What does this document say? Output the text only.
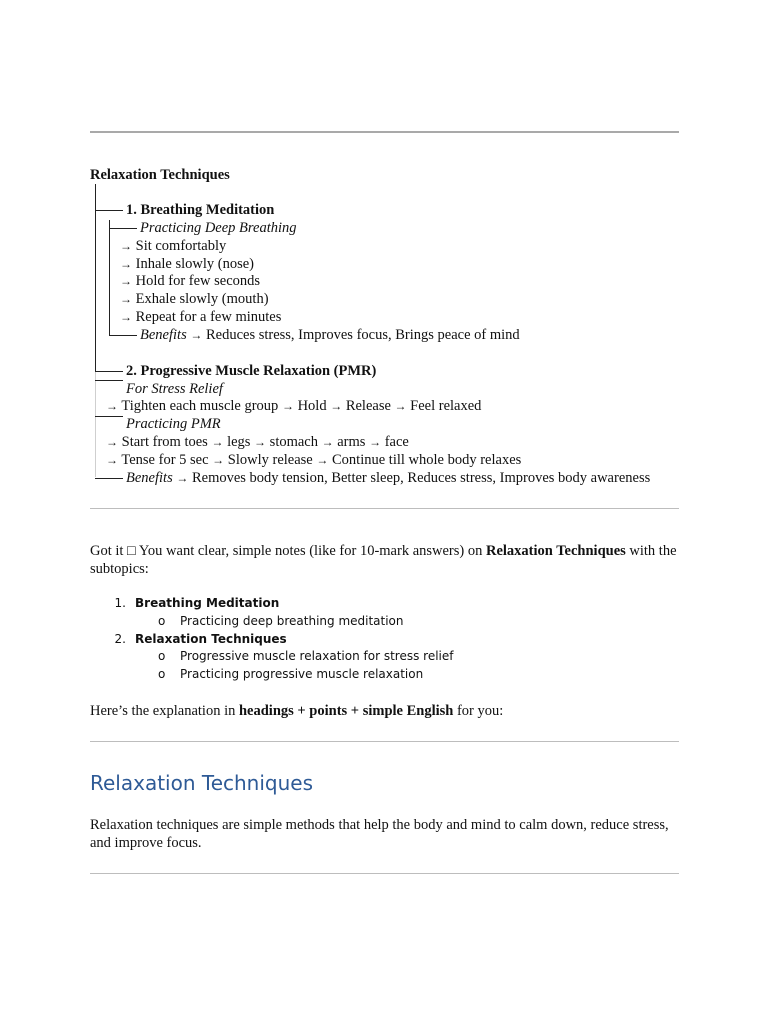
Relaxation Techniques
1. Breathing Meditation
Practicing Deep Breathing
→ Sit comfortably
→ Inhale slowly (nose)
→ Hold for few seconds
→ Exhale slowly (mouth)
→ Repeat for a few minutes
Benefits → Reduces stress, Improves focus, Brings peace of mind
2. Progressive Muscle Relaxation (PMR)
For Stress Relief
→ Tighten each muscle group → Hold → Release → Feel relaxed
Practicing PMR
→ Start from toes → legs → stomach → arms → face
→ Tense for 5 sec → Slowly release → Continue till whole body relaxes
Benefits → Removes body tension, Better sleep, Reduces stress, Improves body awareness
Got it □ You want clear, simple notes (like for 10-mark answers) on Relaxation Techniques with the subtopics:
1. Breathing Meditation
o Practicing deep breathing meditation
2. Relaxation Techniques
o Progressive muscle relaxation for stress relief
o Practicing progressive muscle relaxation
Here’s the explanation in headings + points + simple English for you:
Relaxation Techniques
Relaxation techniques are simple methods that help the body and mind to calm down, reduce stress, and improve focus.
